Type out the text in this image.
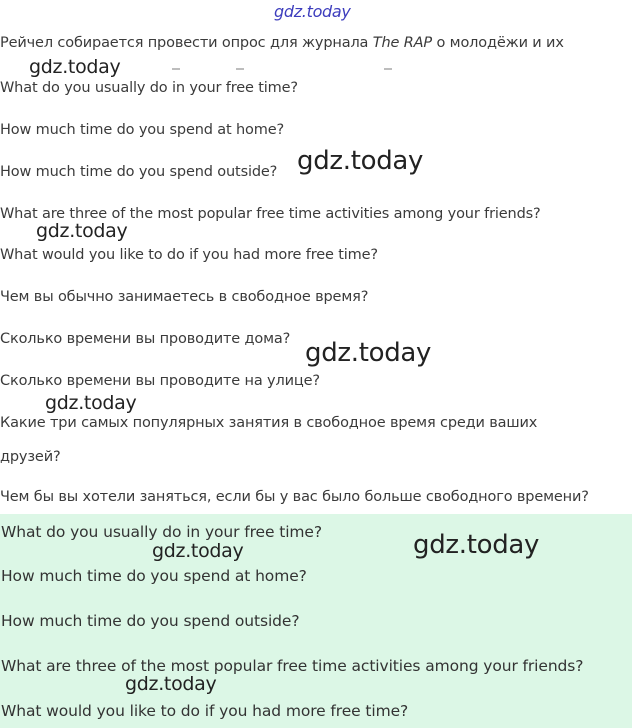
gdz.today
Рейчел собирается провести опрос для журнала The RAP о молодёжи и их
What do you usually do in your free time?
How much time do you spend at home?
How much time do you spend outside?
What are three of the most popular free time activities among your friends?
What would you like to do if you had more free time?
Чем вы обычно занимаетесь в свободное время?
Сколько времени вы проводите дома?
Сколько времени вы проводите на улице?
Какие три самых популярных занятия в свободное время среди ваших
друзей?
Чем бы вы хотели заняться, если бы у вас было больше свободного времени?
What do you usually do in your free time?
How much time do you spend at home?
How much time do you spend outside?
What are three of the most popular free time activities among your friends?
What would you like to do if you had more free time?
gdz.today
gdz.today
gdz.today
gdz.today
gdz.today
gdz.today
gdz.today
gdz.today
